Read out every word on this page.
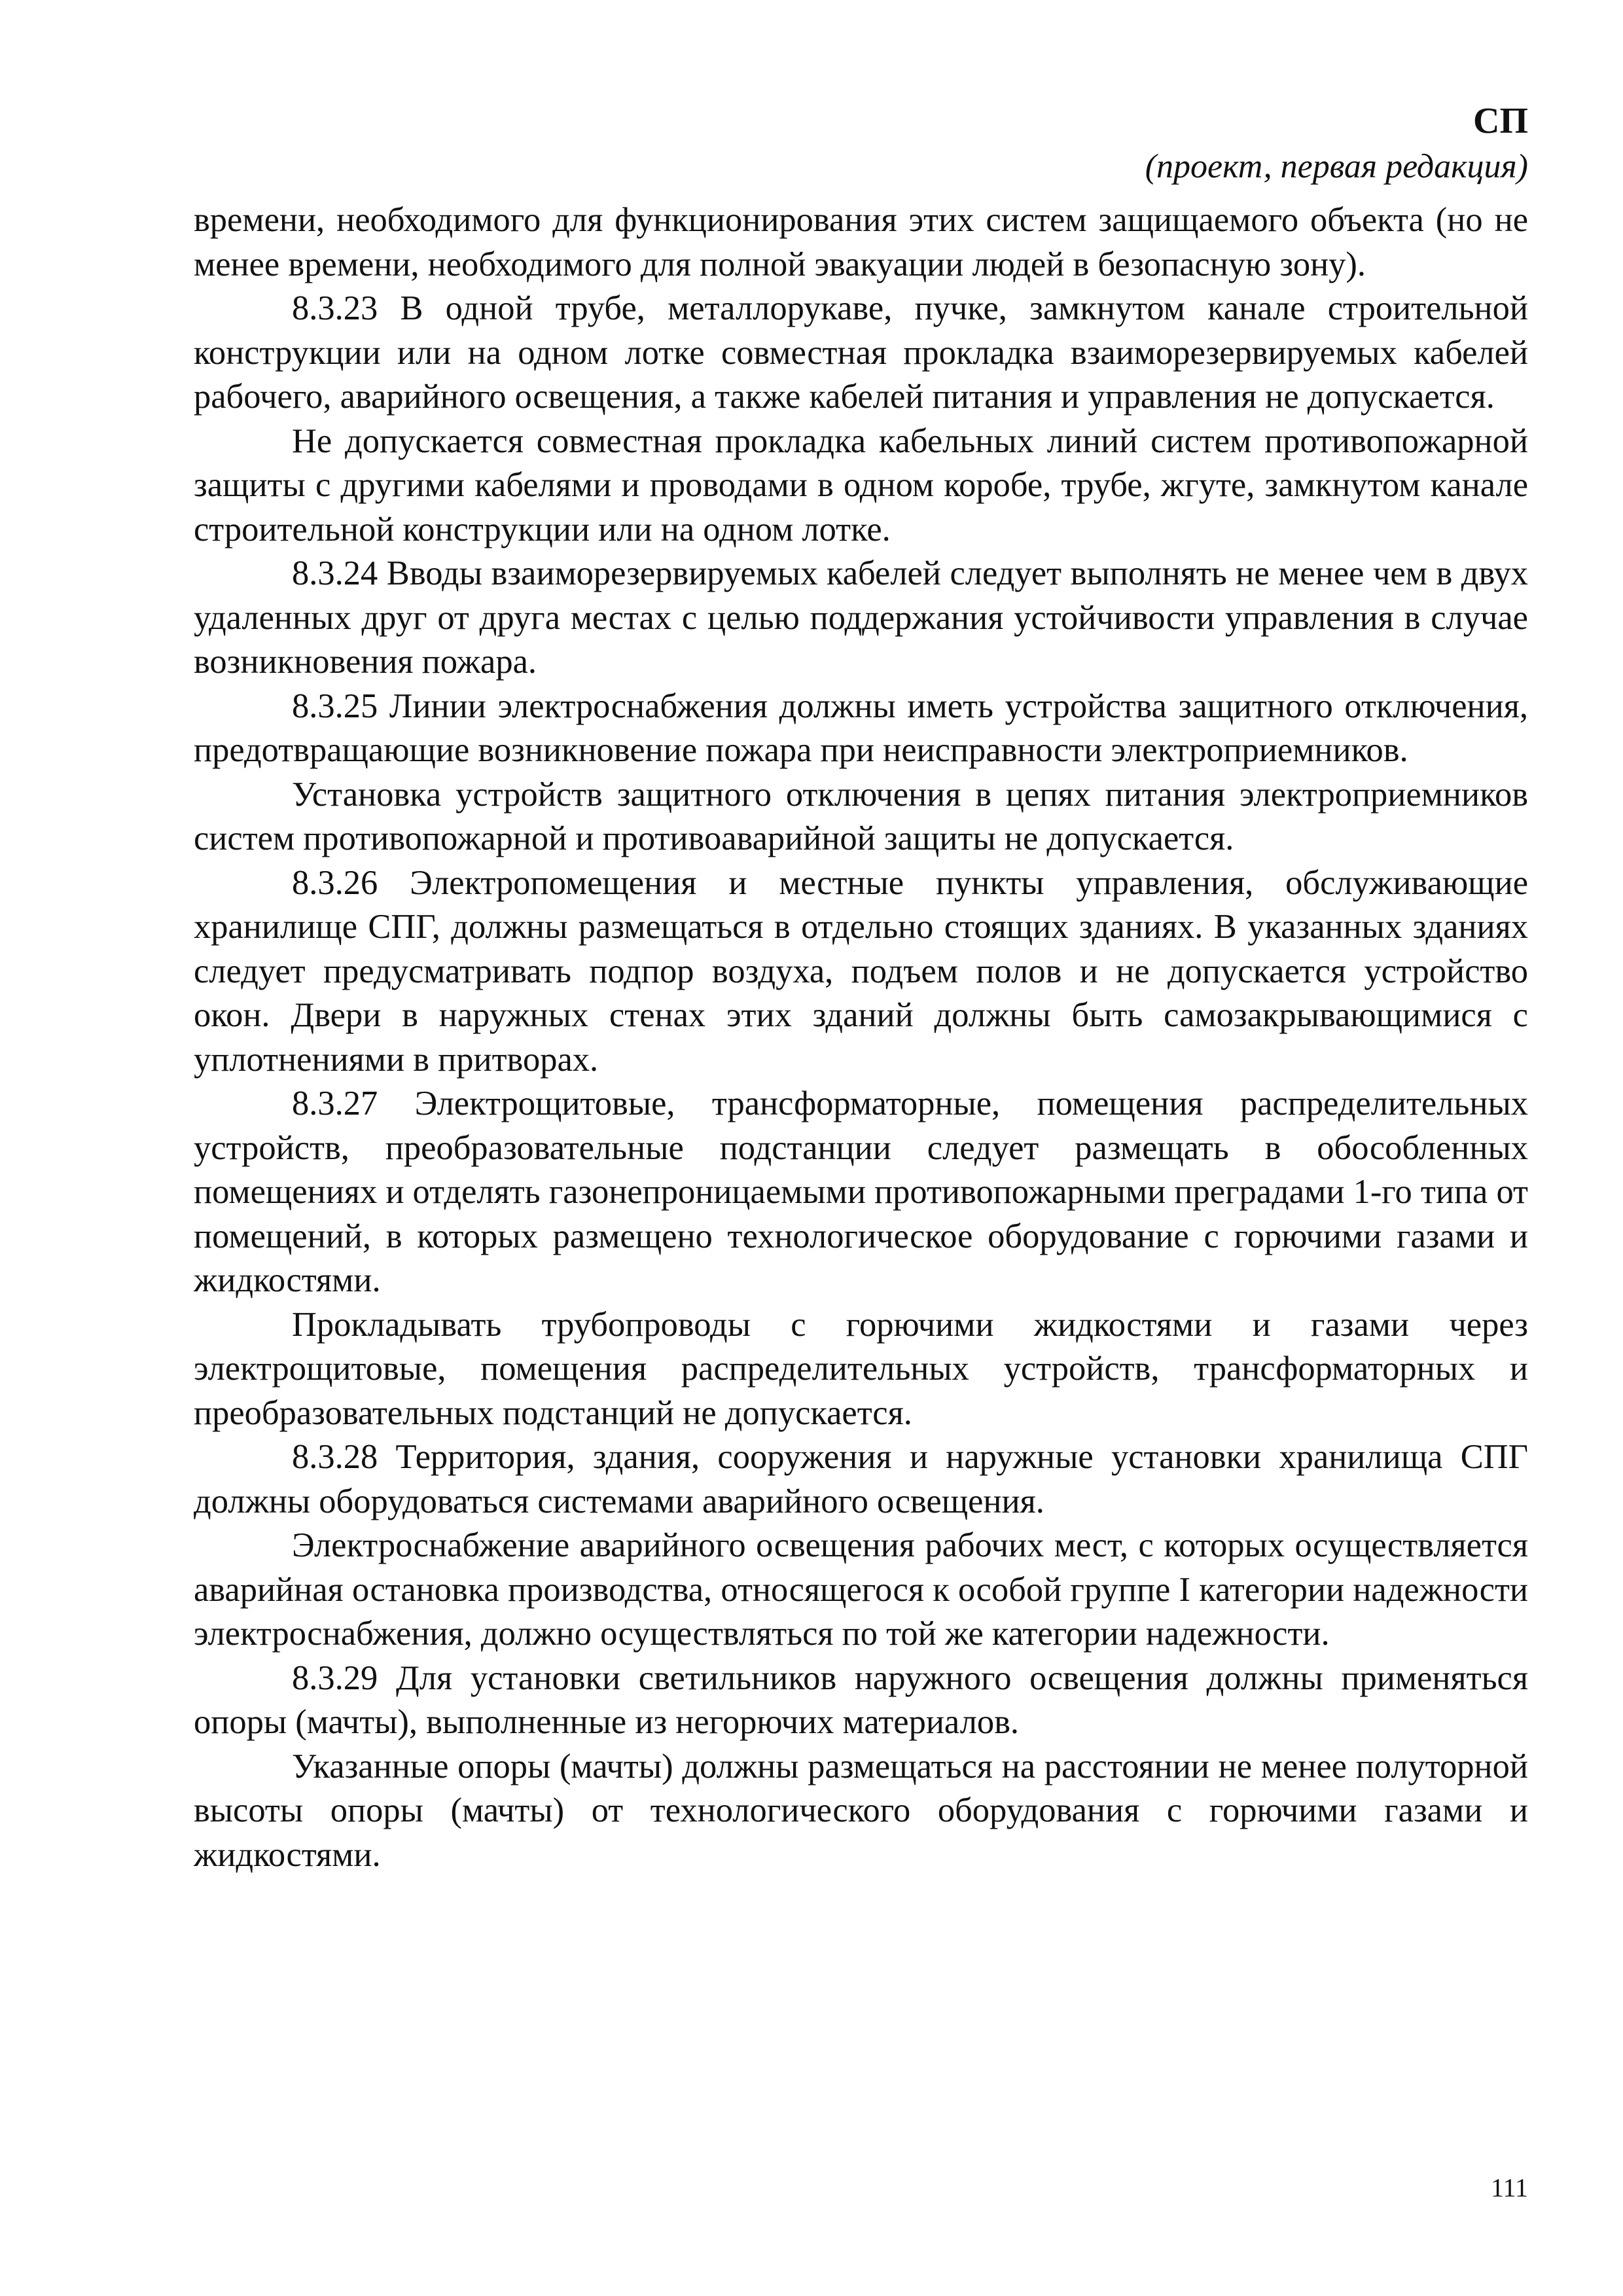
СП
(проект, первая редакция)

времени, необходимого для функционирования этих систем защищаемого объекта (но не менее времени, необходимого для полной эвакуации людей в безопасную зону).

8.3.23 В одной трубе, металлорукаве, пучке, замкнутом канале строительной конструкции или на одном лотке совместная прокладка взаиморезервируемых кабелей рабочего, аварийного освещения, а также кабелей питания и управления не допускается.

Не допускается совместная прокладка кабельных линий систем противопожарной защиты с другими кабелями и проводами в одном коробе, трубе, жгуте, замкнутом канале строительной конструкции или на одном лотке.

8.3.24 Вводы взаиморезервируемых кабелей следует выполнять не менее чем в двух удаленных друг от друга местах с целью поддержания устойчивости управления в случае возникновения пожара.

8.3.25 Линии электроснабжения должны иметь устройства защитного отключения, предотвращающие возникновение пожара при неисправности электроприемников.

Установка устройств защитного отключения в цепях питания электроприемников систем противопожарной и противоаварийной защиты не допускается.

8.3.26 Электропомещения и местные пункты управления, обслуживающие хранилище СПГ, должны размещаться в отдельно стоящих зданиях. В указанных зданиях следует предусматривать подпор воздуха, подъем полов и не допускается устройство окон. Двери в наружных стенах этих зданий должны быть самозакрывающимися с уплотнениями в притворах.

8.3.27 Электрощитовые, трансформаторные, помещения распределительных устройств, преобразовательные подстанции следует размещать в обособленных помещениях и отделять газонепроницаемыми противопожарными преградами 1-го типа от помещений, в которых размещено технологическое оборудование с горючими газами и жидкостями.

Прокладывать трубопроводы с горючими жидкостями и газами через электрощитовые, помещения распределительных устройств, трансформаторных и преобразовательных подстанций не допускается.

8.3.28 Территория, здания, сооружения и наружные установки хранилища СПГ должны оборудоваться системами аварийного освещения.

Электроснабжение аварийного освещения рабочих мест, с которых осуществляется аварийная остановка производства, относящегося к особой группе I категории надежности электроснабжения, должно осуществляться по той же категории надежности.

8.3.29 Для установки светильников наружного освещения должны применяться опоры (мачты), выполненные из негорючих материалов.

Указанные опоры (мачты) должны размещаться на расстоянии не менее полуторной высоты опоры (мачты) от технологического оборудования с горючими газами и жидкостями.

111
